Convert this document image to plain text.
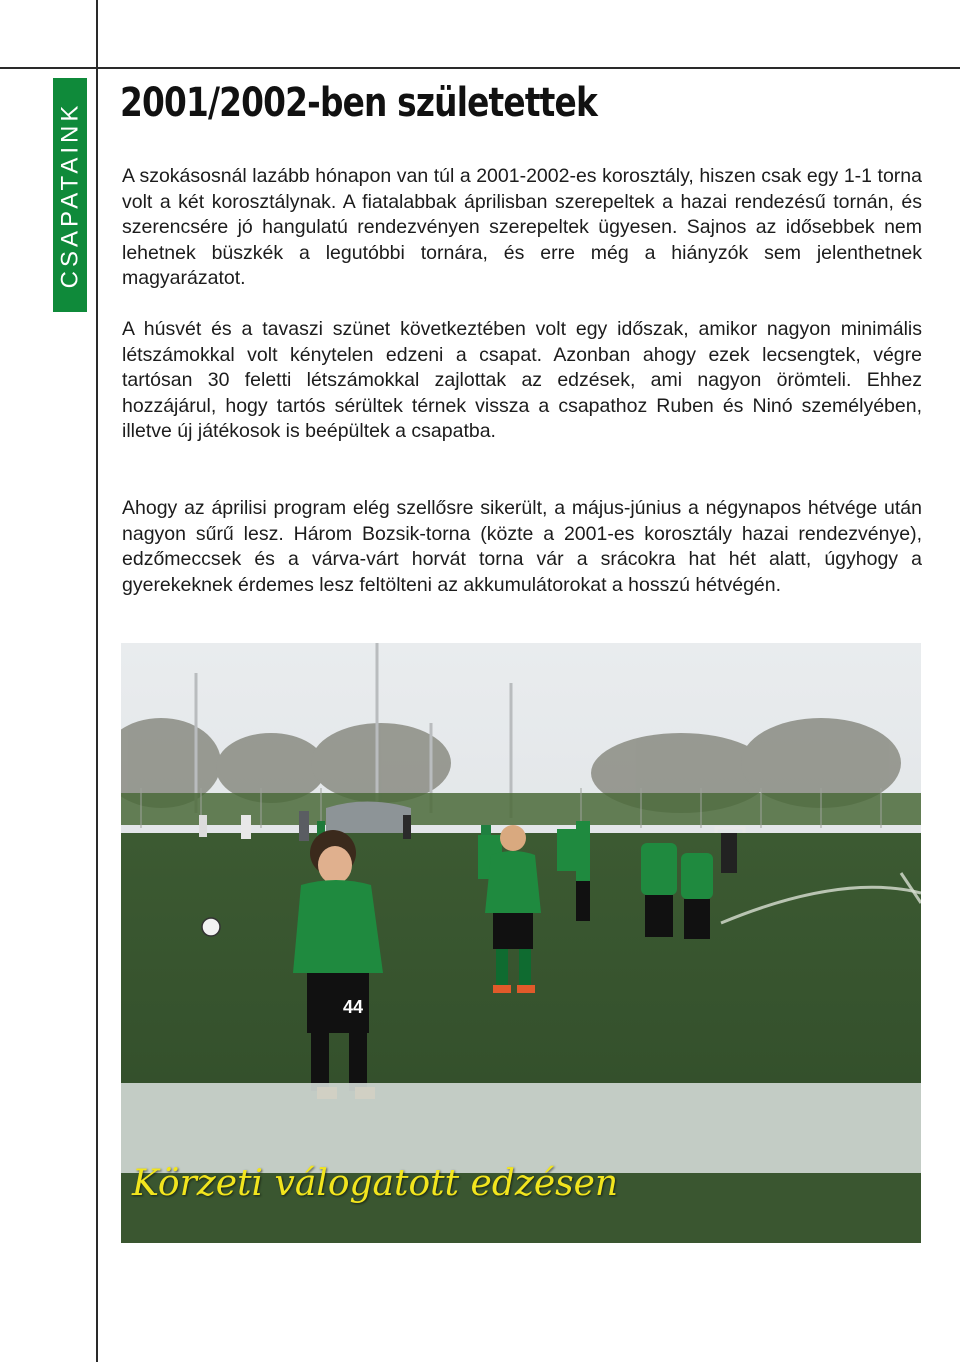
CSAPATAINK 2001/2002-ben születettek

A szokásosnál lazább hónapon van túl a 2001-2002-es korosztály, hiszen csak egy 1-1 torna volt a két korosztálynak. A fiatalabbak áprilisban szerepeltek a hazai rendezésű tornán, és szerencsére jó hangulatú rendezvényen szerepeltek ügyesen. Sajnos az idősebbek nem lehetnek büszkék a legutóbbi tornára, és erre még a hiányzók sem jelenthetnek magyarázatot.

A húsvét és a tavaszi szünet következtében volt egy időszak, amikor nagyon minimális létszámokkal volt kénytelen edzeni a csapat. Azonban ahogy ezek lecsengtek, végre tartósan 30 feletti létszámokkal zajlottak az edzések, ami nagyon örömteli. Ehhez hozzájárul, hogy tartós sérültek térnek vissza a csapathoz Ruben és Ninó személyében, illetve új játékosok is beépültek a csapatba.

Ahogy az áprilisi program elég szellősre sikerült, a május-június a négynapos hétvége után nagyon sűrű lesz. Három Bozsik-torna (közte a 2001-es korosztály hazai rendezvénye), edzőmeccsek és a várva-várt horvát torna vár a srácokra hat hét alatt, úgyhogy a gyerekeknek érdemes lesz feltölteni az akkumulátorokat a hosszú hétvégén.

44
Körzeti válogatott edzésen
